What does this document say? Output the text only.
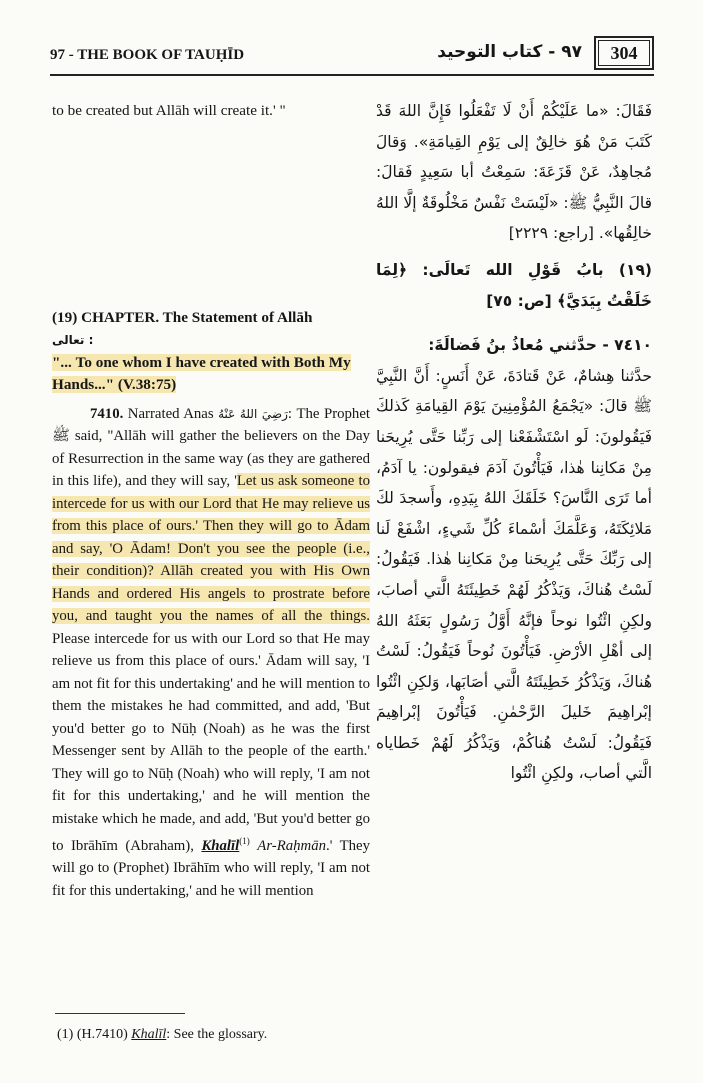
97 - THE BOOK OF TAUḤĪD	٩٧ - كتاب التوحيد	304

to be created but Allāh will create it.' "

(19) CHAPTER. The Statement of Allāh
تعالى :
"... To one whom I have created with Both My Hands..." (V.38:75)

7410. Narrated Anas رَضِيَ اللهُ عَنْهُ: The Prophet ﷺ said, "Allāh will gather the believers on the Day of Resurrection in the same way (as they are gathered in this life), and they will say, 'Let us ask someone to intercede for us with our Lord that He may relieve us from this place of ours.' Then they will go to Ādam and say, 'O Ādam! Don't you see the people (i.e., their condition)? Allāh created you with His Own Hands and ordered His angels to prostrate before you, and taught you the names of all the things. Please intercede for us with our Lord so that He may relieve us from this place of ours.' Ādam will say, 'I am not fit for this undertaking' and he will mention to them the mistakes he had committed, and add, 'But you'd better go to Nūḥ (Noah) as he was the first Messenger sent by Allāh to the people of the earth.' They will go to Nūḥ (Noah) who will reply, 'I am not fit for this undertaking,' and he will mention the mistake which he made, and add, 'But you'd better go to Ibrāhīm (Abraham), Khalīl$^{(1)}$ Ar-Raḥmān.' They will go to (Prophet) Ibrāhīm who will reply, 'I am not fit for this undertaking,' and he will mention

فَقَالَ: «ما عَلَيْكُمْ أَنْ لَا تَفْعَلُوا فَإِنَّ اللهَ قَدْ كَتَبَ مَنْ هُوَ خالِقٌ إلى يَوْمِ القِيامَةِ». وَقالَ مُجاهِدٌ، عَنْ قَزَعَةَ: سَمِعْتُ أبا سَعِيدٍ فَقالَ: قالَ النَّبِيُّ ﷺ: «لَيْسَتْ نَفْسٌ مَخْلُوقَةٌ إلَّا اللهُ خالِقُها». [راجع: ٢٢٢٩]

(١٩) بابُ قَوْلِ الله تَعالَى: ﴿لِمَا خَلَقْتُ بِيَدَيَّ﴾ [ص: ٧٥]

٧٤١٠ - حدَّثني مُعاذُ بنُ فَضالَةَ:

حدَّثنا هِشامٌ، عَنْ قَتادَةَ، عَنْ أَنَسٍ: أَنَّ النَّبِيَّ ﷺ قالَ: «يَجْمَعُ المُؤْمِنِينَ يَوْمَ القِيامَةِ كَذلكَ فَيَقُولونَ: لَو اسْتَشْفَعْنا إلى رَبِّنا حَتَّى يُرِيحَنا مِنْ مَكانِنا هٰذا، فَيَأْتُونَ آدَمَ فيقولون: يا آدَمُ، أما تَرَى النَّاسَ؟ خَلَقَكَ اللهُ بِيَدِهِ، وأَسجدَ لكَ مَلائِكَتَهُ، وَعَلَّمَكَ أسْماءَ كُلِّ شَيءٍ، اشْفَعْ لَنا إلى رَبِّكَ حَتَّى يُرِيحَنا مِنْ مَكانِنا هٰذا. فَيَقُولُ: لَسْتُ هُناكَ، وَيَذْكُرُ لَهُمْ خَطِيئَتَهُ الَّتي أصابَ، ولكِنِ ائْتُوا نوحاً فإنَّهُ أَوَّلُ رَسُولٍ بَعَثَهُ اللهُ إلى أهْلِ الأرْضِ. فَيَأْتُونَ نُوحاً فَيَقُولُ: لَسْتُ هُناكَ، وَيَذْكُرُ خَطِيئَتَهُ الَّتي أصَابَها، وَلكِنِ ائْتُوا إبْراهِيمَ خَليلَ الرَّحْمٰنِ. فَيَأْتُونَ إبْراهِيمَ فَيَقُولُ: لَسْتُ هُناكُمْ، وَيَذْكُرُ لَهُمْ خَطاياه الَّتي أصاب، ولكِنِ ائْتُوا

(1) (H.7410) Khalīl: See the glossary.
